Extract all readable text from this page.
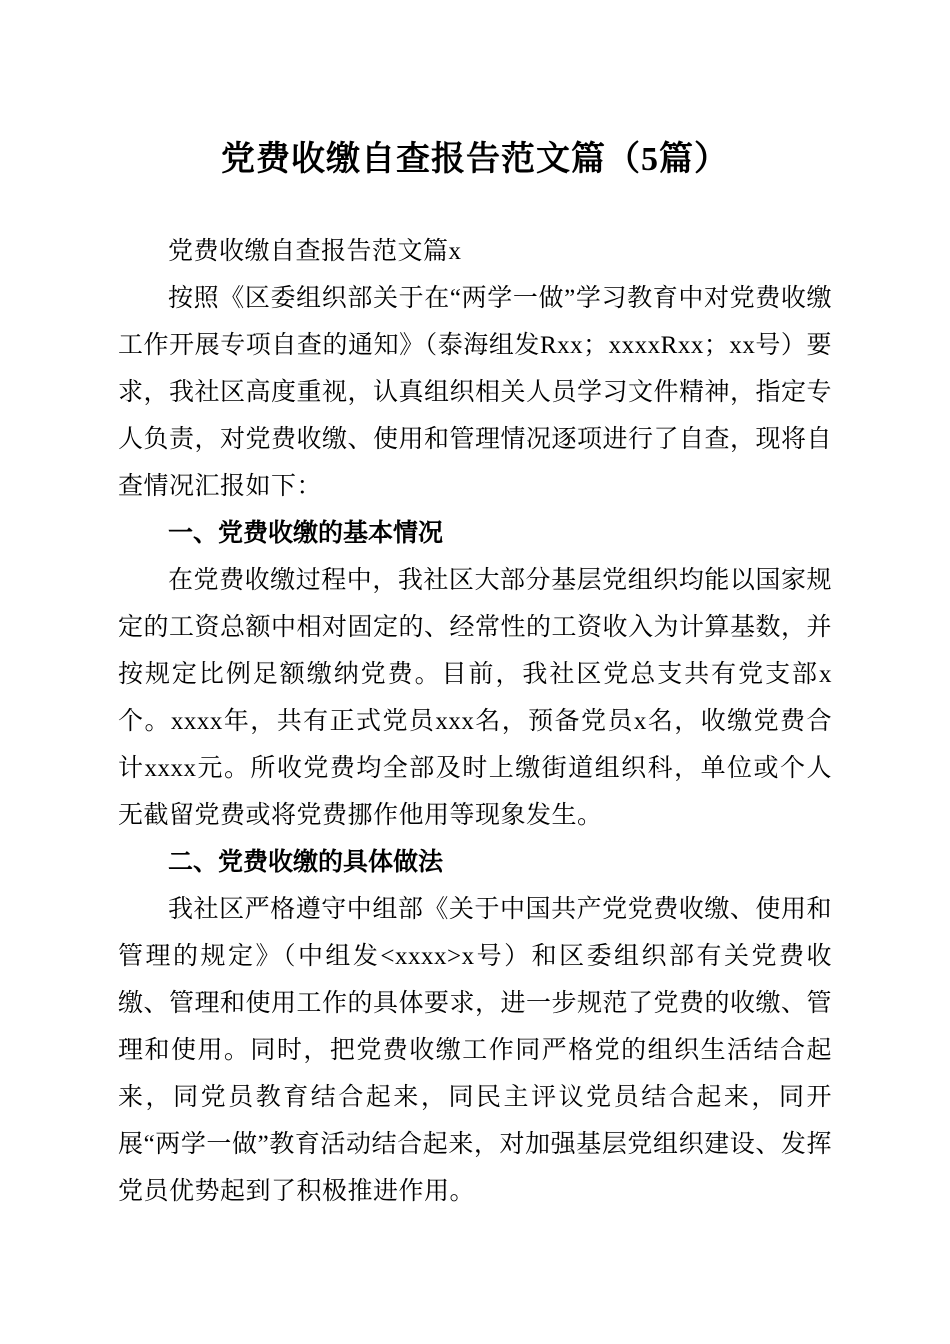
党费收缴自查报告范文篇（5篇）

党费收缴自查报告范文篇x

按照《区委组织部关于在“两学一做”学习教育中对党费收缴工作开展专项自查的通知》（泰海组发Rxx；xxxxRxx；xx号）要求，我社区高度重视，认真组织相关人员学习文件精神，指定专人负责，对党费收缴、使用和管理情况逐项进行了自查，现将自查情况汇报如下：

一、党费收缴的基本情况

在党费收缴过程中，我社区大部分基层党组织均能以国家规定的工资总额中相对固定的、经常性的工资收入为计算基数，并按规定比例足额缴纳党费。目前，我社区党总支共有党支部x个。xxxx年，共有正式党员xxx名，预备党员x名，收缴党费合计xxxx元。所收党费均全部及时上缴街道组织科，单位或个人无截留党费或将党费挪作他用等现象发生。

二、党费收缴的具体做法

我社区严格遵守中组部《关于中国共产党党费收缴、使用和管理的规定》（中组发<xxxx>x号）和区委组织部有关党费收缴、管理和使用工作的具体要求，进一步规范了党费的收缴、管理和使用。同时，把党费收缴工作同严格党的组织生活结合起来，同党员教育结合起来，同民主评议党员结合起来，同开展“两学一做”教育活动结合起来，对加强基层党组织建设、发挥党员优势起到了积极推进作用。
